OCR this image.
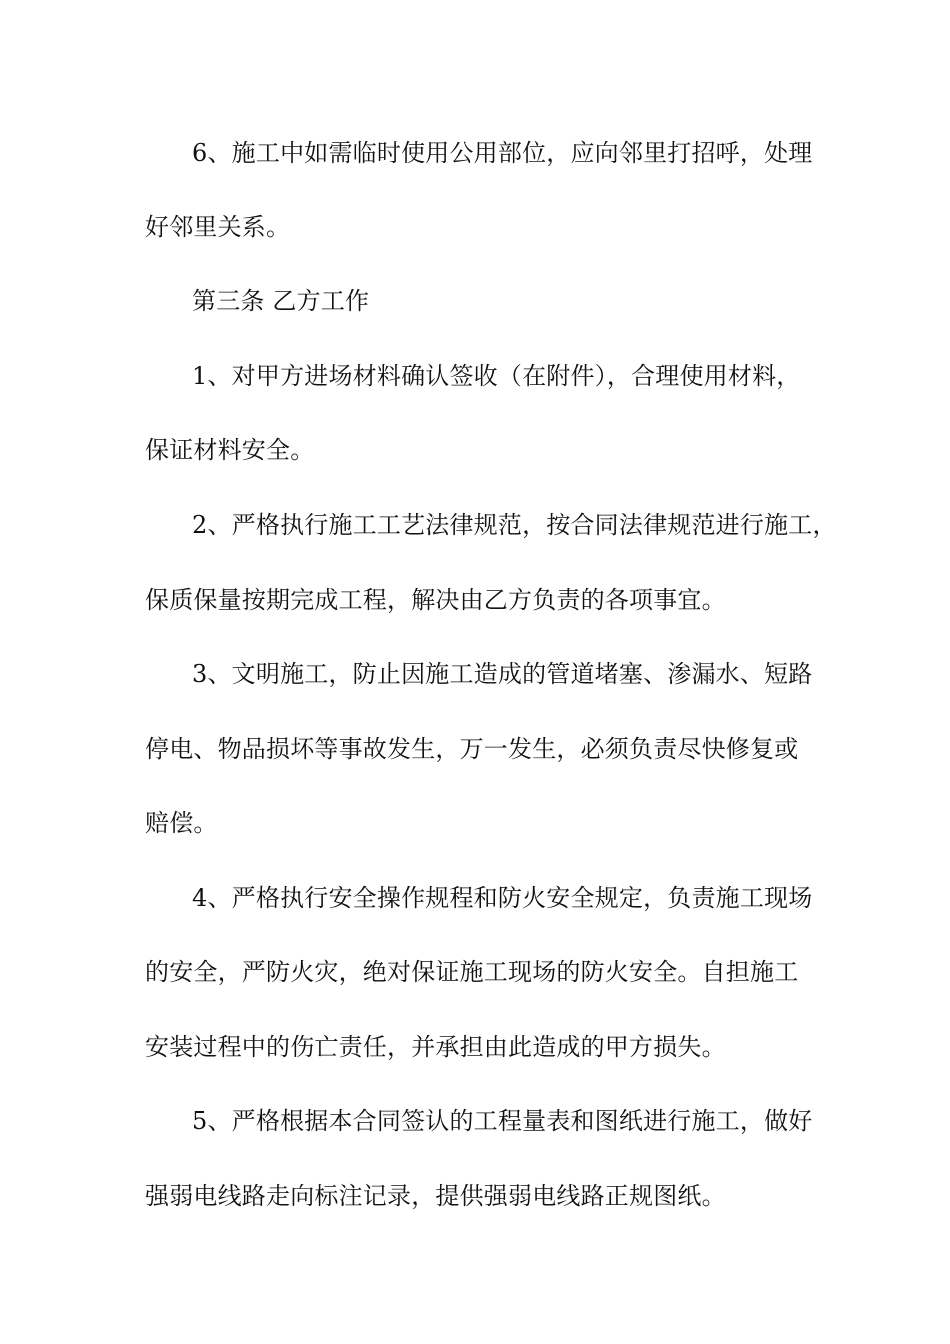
6、施工中如需临时使用公用部位，应向邻里打招呼，处理
好邻里关系。
第三条 乙方工作
1、对甲方进场材料确认签收（在附件），合理使用材料，
保证材料安全。
2、严格执行施工工艺法律规范，按合同法律规范进行施工，
保质保量按期完成工程，解决由乙方负责的各项事宜。
3、文明施工，防止因施工造成的管道堵塞、渗漏水、短路
停电、物品损坏等事故发生，万一发生，必须负责尽快修复或
赔偿。
4、严格执行安全操作规程和防火安全规定，负责施工现场
的安全，严防火灾，绝对保证施工现场的防火安全。自担施工
安装过程中的伤亡责任，并承担由此造成的甲方损失。
5、严格根据本合同签认的工程量表和图纸进行施工，做好
强弱电线路走向标注记录，提供强弱电线路正规图纸。
